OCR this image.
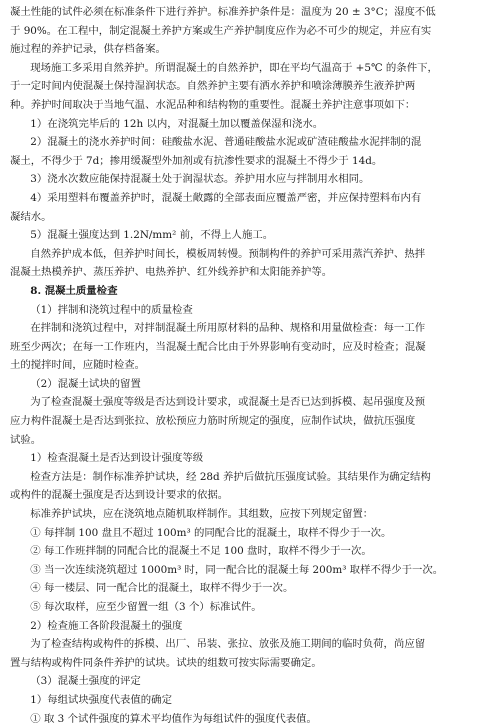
凝土性能的试件必须在标准条件下进行养护。标准养护条件是：温度为 20 ± 3°C；湿度不低
于 90%。在工程中，制定混凝土养护方案或生产养护制度应作为必不可少的规定，并应有实
施过程的养护记录，供存档备案。
现场施工多采用自然养护。所谓混凝土的自然养护，即在平均气温高于 +5℃ 的条件下，
于一定时间内使混凝土保持湿润状态。自然养护主要有洒水养护和喷涂薄膜养生液养护两
种。养护时间取决于当地气温、水泥品种和结构物的重要性。混凝土养护注意事项如下：
1）在浇筑完毕后的 12h 以内，对混凝土加以覆盖保湿和浇水。
2）混凝土的浇水养护时间：硅酸盐水泥、普通硅酸盐水泥或矿渣硅酸盐水泥拌制的混
凝土，不得少于 7d；掺用缓凝型外加剂或有抗渗性要求的混凝土不得少于 14d。
3）浇水次数应能保持混凝土处于润湿状态。养护用水应与拌制用水相同。
4）采用塑料布覆盖养护时，混凝土敞露的全部表面应覆盖严密，并应保持塑料布内有
凝结水。
5）混凝土强度达到 1.2N/mm² 前，不得上人施工。
自然养护成本低，但养护时间长，模板周转慢。预制构件的养护可采用蒸汽养护、热拌
混凝土热模养护、蒸压养护、电热养护、红外线养护和太阳能养护等。
8. 混凝土质量检查
（1）拌制和浇筑过程中的质量检查
在拌制和浇筑过程中，对拌制混凝土所用原材料的品种、规格和用量做检查：每一工作
班至少两次；在每一工作班内，当混凝土配合比由于外界影响有变动时，应及时检查；混凝
土的搅拌时间，应随时检查。
（2）混凝土试块的留置
为了检查混凝土强度等级是否达到设计要求，或混凝土是否已达到拆模、起吊强度及预
应力构件混凝土是否达到张拉、放松预应力筋时所规定的强度，应制作试块，做抗压强度
试验。
1）检查混凝土是否达到设计强度等级
检查方法是：制作标准养护试块，经 28d 养护后做抗压强度试验。其结果作为确定结构
或构件的混凝土强度是否达到设计要求的依据。
标准养护试块，应在浇筑地点随机取样制作。其组数，应按下列规定留置：
① 每拌制 100 盘且不超过 100m³ 的同配合比的混凝土，取样不得少于一次。
② 每工作班拌制的同配合比的混凝土不足 100 盘时，取样不得少于一次。
③ 当一次连续浇筑超过 1000m³ 时，同一配合比的混凝土每 200m³ 取样不得少于一次。
④ 每一楼层、同一配合比的混凝土，取样不得少于一次。
⑤ 每次取样，应至少留置一组（3 个）标准试件。
2）检查施工各阶段混凝土的强度
为了检查结构或构件的拆模、出厂、吊装、张拉、放张及施工期间的临时负荷，尚应留
置与结构或构件同条件养护的试块。试块的组数可按实际需要确定。
（3）混凝土强度的评定
1）每组试块强度代表值的确定
① 取 3 个试件强度的算术平均值作为每组试件的强度代表值。
